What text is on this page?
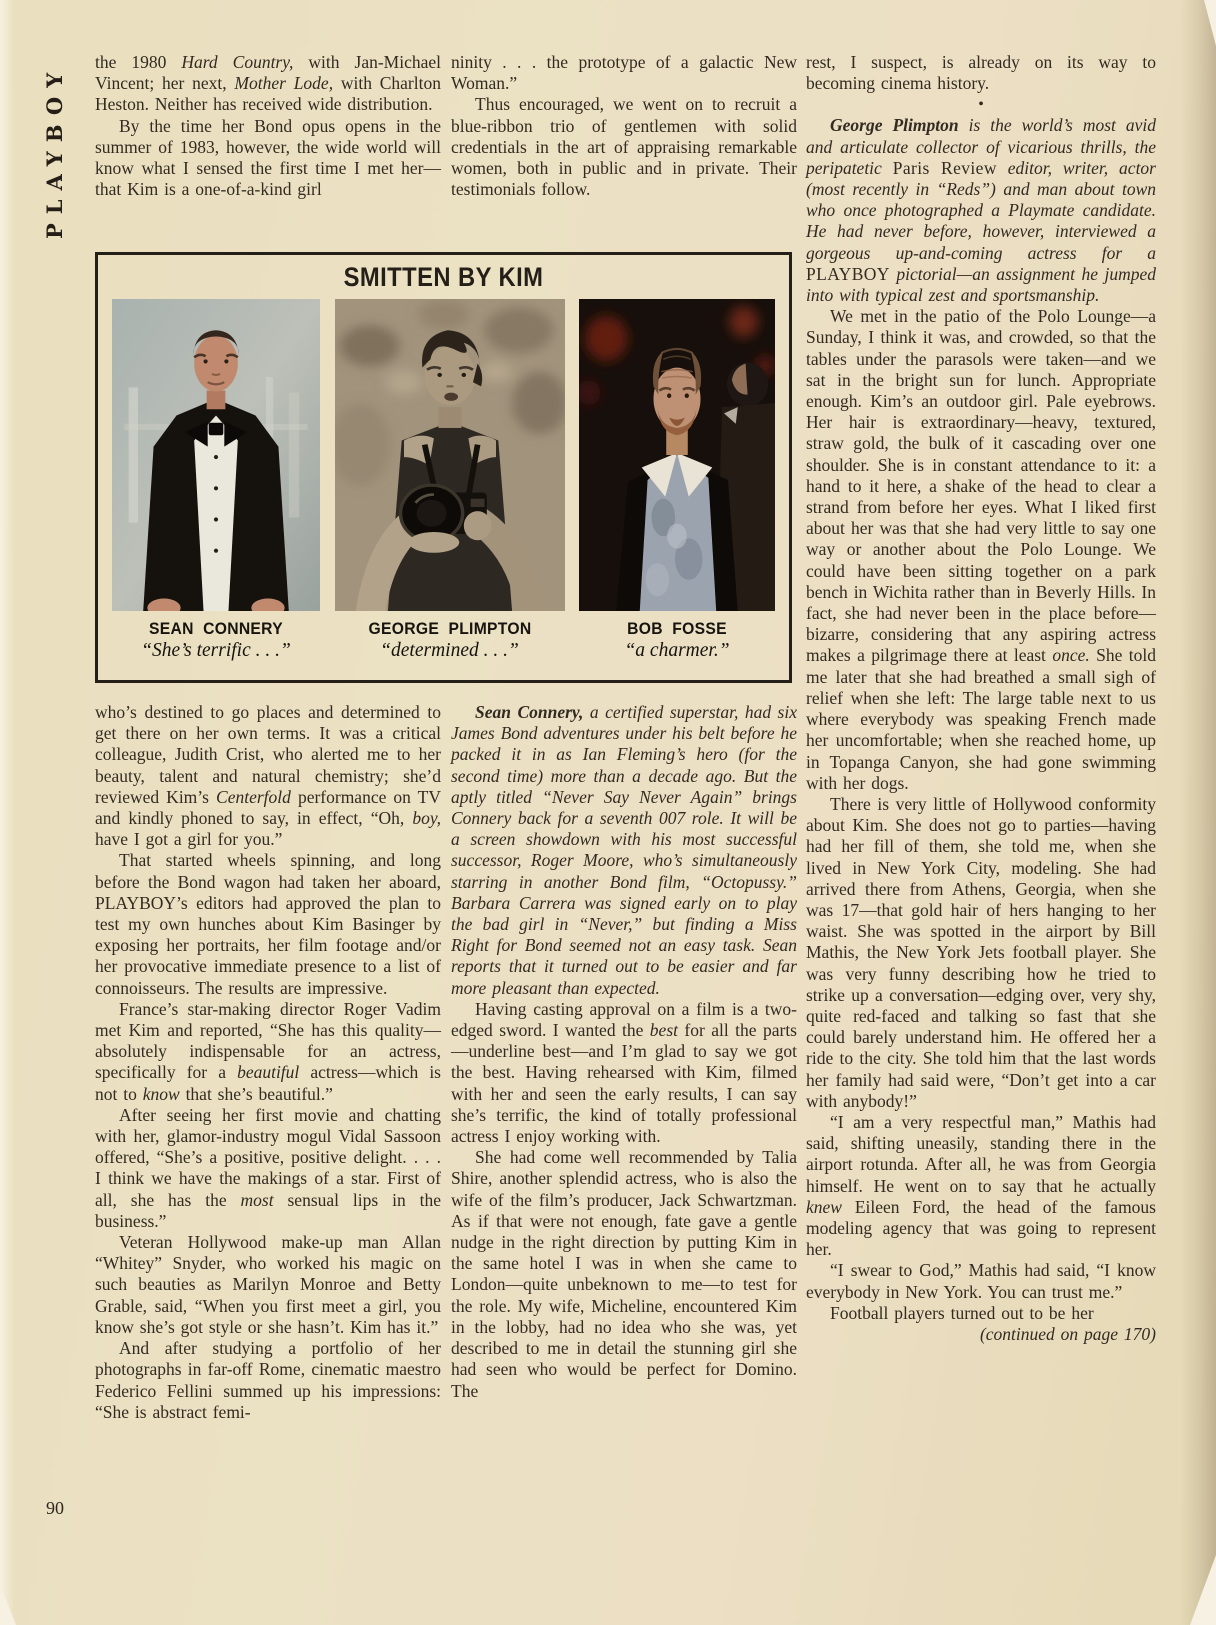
PLAYBOY

the 1980 Hard Country, with Jan-Michael Vincent; her next, Mother Lode, with Charlton Heston. Neither has received wide distribution.

By the time her Bond opus opens in the summer of 1983, however, the wide world will know what I sensed the first time I met her—that Kim is a one-of-a-kind girl

ninity . . . the prototype of a galactic New Woman.”

Thus encouraged, we went on to recruit a blue-ribbon trio of gentlemen with solid credentials in the art of appraising remarkable women, both in public and in private. Their testimonials follow.

rest, I suspect, is already on its way to becoming cinema history.

•

George Plimpton is the world’s most avid and articulate collector of vicarious thrills, the peripatetic Paris Review editor, writer, actor (most recently in “Reds”) and man about town who once photographed a Playmate candidate. He had never before, however, interviewed a gorgeous up-and-coming actress for a PLAYBOY pictorial—an assignment he jumped into with typical zest and sportsmanship.

We met in the patio of the Polo Lounge—a Sunday, I think it was, and crowded, so that the tables under the parasols were taken—and we sat in the bright sun for lunch. Appropriate enough. Kim’s an outdoor girl. Pale eyebrows. Her hair is extraordinary—heavy, textured, straw gold, the bulk of it cascading over one shoulder. She is in constant attendance to it: a hand to it here, a shake of the head to clear a strand from before her eyes. What I liked first about her was that she had very little to say one way or another about the Polo Lounge. We could have been sitting together on a park bench in Wichita rather than in Beverly Hills. In fact, she had never been in the place before—bizarre, considering that any aspiring actress makes a pilgrimage there at least once. She told me later that she had breathed a small sigh of relief when she left: The large table next to us where everybody was speaking French made her uncomfortable; when she reached home, up in Topanga Canyon, she had gone swimming with her dogs.

There is very little of Hollywood conformity about Kim. She does not go to parties—having had her fill of them, she told me, when she lived in New York City, modeling. She had arrived there from Athens, Georgia, when she was 17—that gold hair of hers hanging to her waist. She was spotted in the airport by Bill Mathis, the New York Jets football player. She was very funny describing how he tried to strike up a conversation—edging over, very shy, quite red-faced and talking so fast that she could barely understand him. He offered her a ride to the city. She told him that the last words her family had said were, “Don’t get into a car with anybody!”

“I am a very respectful man,” Mathis had said, shifting uneasily, standing there in the airport rotunda. After all, he was from Georgia himself. He went on to say that he actually knew Eileen Ford, the head of the famous modeling agency that was going to represent her.

“I swear to God,” Mathis had said, “I know everybody in New York. You can trust me.”

Football players turned out to be her

(continued on page 170)

SMITTEN BY KIM
SEAN CONNERY
“She’s terrific . . .”
GEORGE PLIMPTON
“determined . . .”
BOB FOSSE
“a charmer.”

who’s destined to go places and determined to get there on her own terms. It was a critical colleague, Judith Crist, who alerted me to her beauty, talent and natural chemistry; she’d reviewed Kim’s Centerfold performance on TV and kindly phoned to say, in effect, “Oh, boy, have I got a girl for you.”

That started wheels spinning, and long before the Bond wagon had taken her aboard, PLAYBOY’s editors had approved the plan to test my own hunches about Kim Basinger by exposing her portraits, her film footage and/or her provocative immediate presence to a list of connoisseurs. The results are impressive.

France’s star-making director Roger Vadim met Kim and reported, “She has this quality—absolutely indispensable for an actress, specifically for a beautiful actress—which is not to know that she’s beautiful.”

After seeing her first movie and chatting with her, glamor-industry mogul Vidal Sassoon offered, “She’s a positive, positive delight. . . . I think we have the makings of a star. First of all, she has the most sensual lips in the business.”

Veteran Hollywood make-up man Allan “Whitey” Snyder, who worked his magic on such beauties as Marilyn Monroe and Betty Grable, said, “When you first meet a girl, you know she’s got style or she hasn’t. Kim has it.”

And after studying a portfolio of her photographs in far-off Rome, cinematic maestro Federico Fellini summed up his impressions: “She is abstract femi-

Sean Connery, a certified superstar, had six James Bond adventures under his belt before he packed it in as Ian Fleming’s hero (for the second time) more than a decade ago. But the aptly titled “Never Say Never Again” brings Connery back for a seventh 007 role. It will be a screen showdown with his most successful successor, Roger Moore, who’s simultaneously starring in another Bond film, “Octopussy.” Barbara Carrera was signed early on to play the bad girl in “Never,” but finding a Miss Right for Bond seemed not an easy task. Sean reports that it turned out to be easier and far more pleasant than expected.

Having casting approval on a film is a two-edged sword. I wanted the best for all the parts—underline best—and I’m glad to say we got the best. Having rehearsed with Kim, filmed with her and seen the early results, I can say she’s terrific, the kind of totally professional actress I enjoy working with.

She had come well recommended by Talia Shire, another splendid actress, who is also the wife of the film’s producer, Jack Schwartzman. As if that were not enough, fate gave a gentle nudge in the right direction by putting Kim in the same hotel I was in when she came to London—quite unbeknown to me—to test for the role. My wife, Micheline, encountered Kim in the lobby, had no idea who she was, yet described to me in detail the stunning girl she had seen who would be perfect for Domino. The

90
